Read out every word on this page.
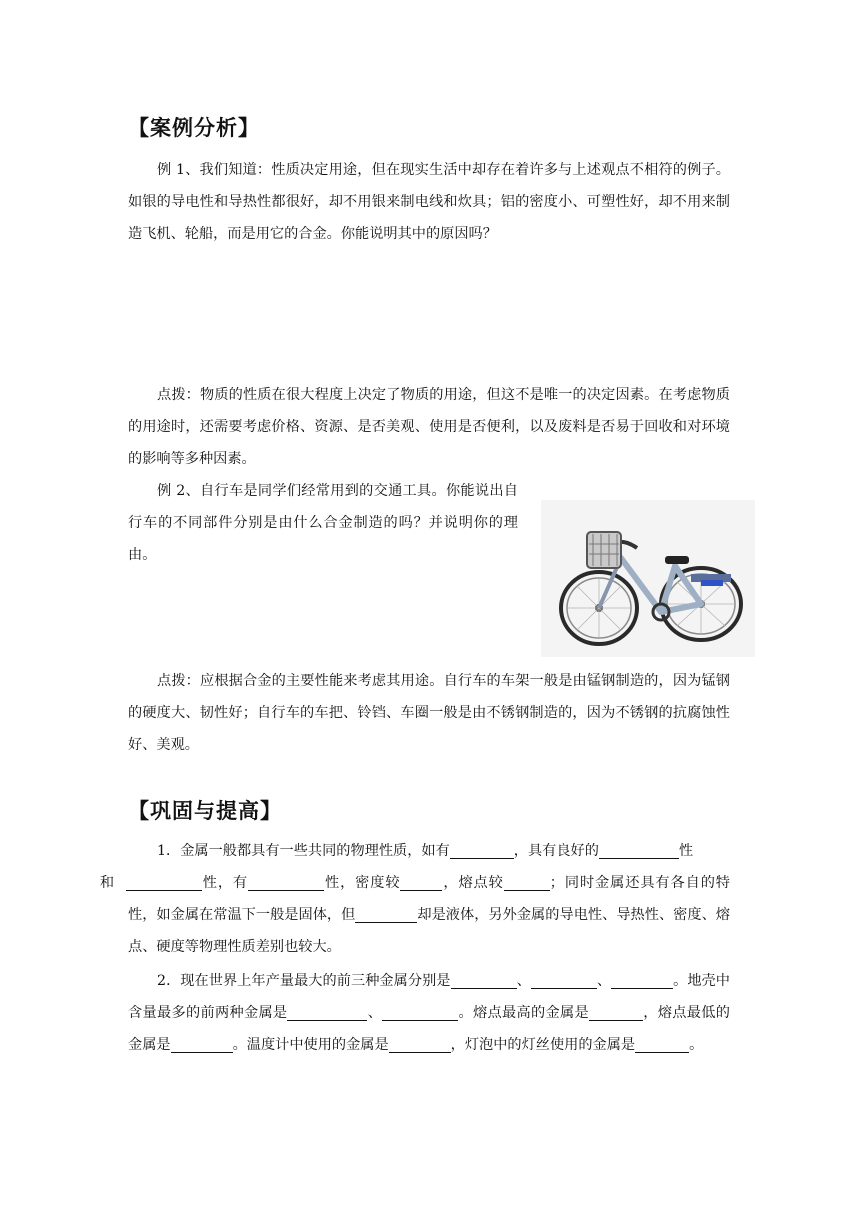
【案例分析】

例 1、我们知道：性质决定用途，但在现实生活中却存在着许多与上述观点不相符的例子。如银的导电性和导热性都很好，却不用银来制电线和炊具；铝的密度小、可塑性好，却不用来制造飞机、轮船，而是用它的合金。你能说明其中的原因吗？

点拨：物质的性质在很大程度上决定了物质的用途，但这不是唯一的决定因素。在考虑物质的用途时，还需要考虑价格、资源、是否美观、使用是否便利，以及废料是否易于回收和对环境的影响等多种因素。

例 2、自行车是同学们经常用到的交通工具。你能说出自行车的不同部件分别是由什么合金制造的吗？并说明你的理由。

点拨：应根据合金的主要性能来考虑其用途。自行车的车架一般是由锰钢制造的，因为锰钢的硬度大、韧性好；自行车的车把、铃铛、车圈一般是由不锈钢制造的，因为不锈钢的抗腐蚀性好、美观。

【巩固与提高】

1．金属一般都具有一些共同的物理性质，如有	，具有良好的	性
和	性，有	性，密度较	，熔点较	；同时金属还具有各自的特性，如金属在常温下一般是固体，但	却是液体，另外金属的导电性、导热性、密度、熔点、硬度等物理性质差别也较大。

2．现在世界上年产量最大的前三种金属分别是	、	、	。地壳中含量最多的前两种金属是	、	。熔点最高的金属是	，熔点最低的金属是	。温度计中使用的金属是	，灯泡中的灯丝使用的金属是	。
